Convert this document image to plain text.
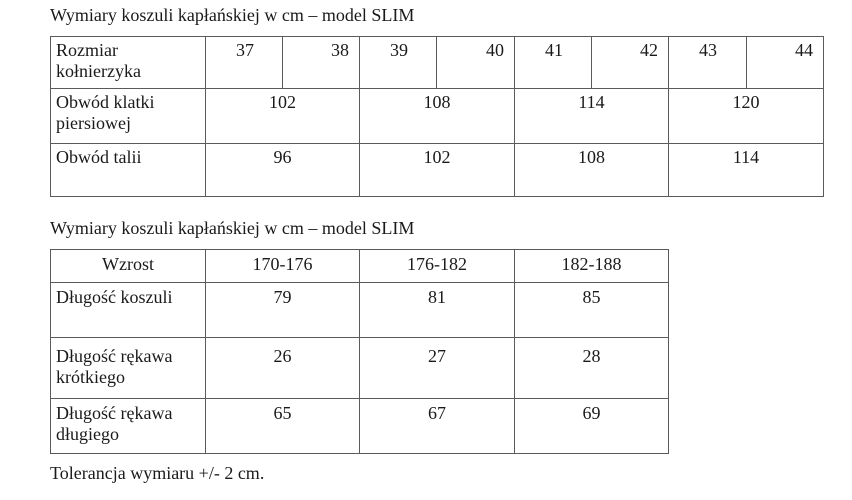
Wymiary koszuli kapłańskiej w cm – model SLIM
Rozmiar kołnierzyka	37	38	39	40	41	42	43	44
Obwód klatki piersiowej	102		108		114		120	
Obwód talii	96		102		108		114	
Wymiary koszuli kapłańskiej w cm – model SLIM
Wzrost	170-176	176-182	182-188
Długość koszuli	79	81	85
Długość rękawa krótkiego	26	27	28
Długość rękawa długiego	65	67	69
Tolerancja wymiaru +/- 2 cm.
